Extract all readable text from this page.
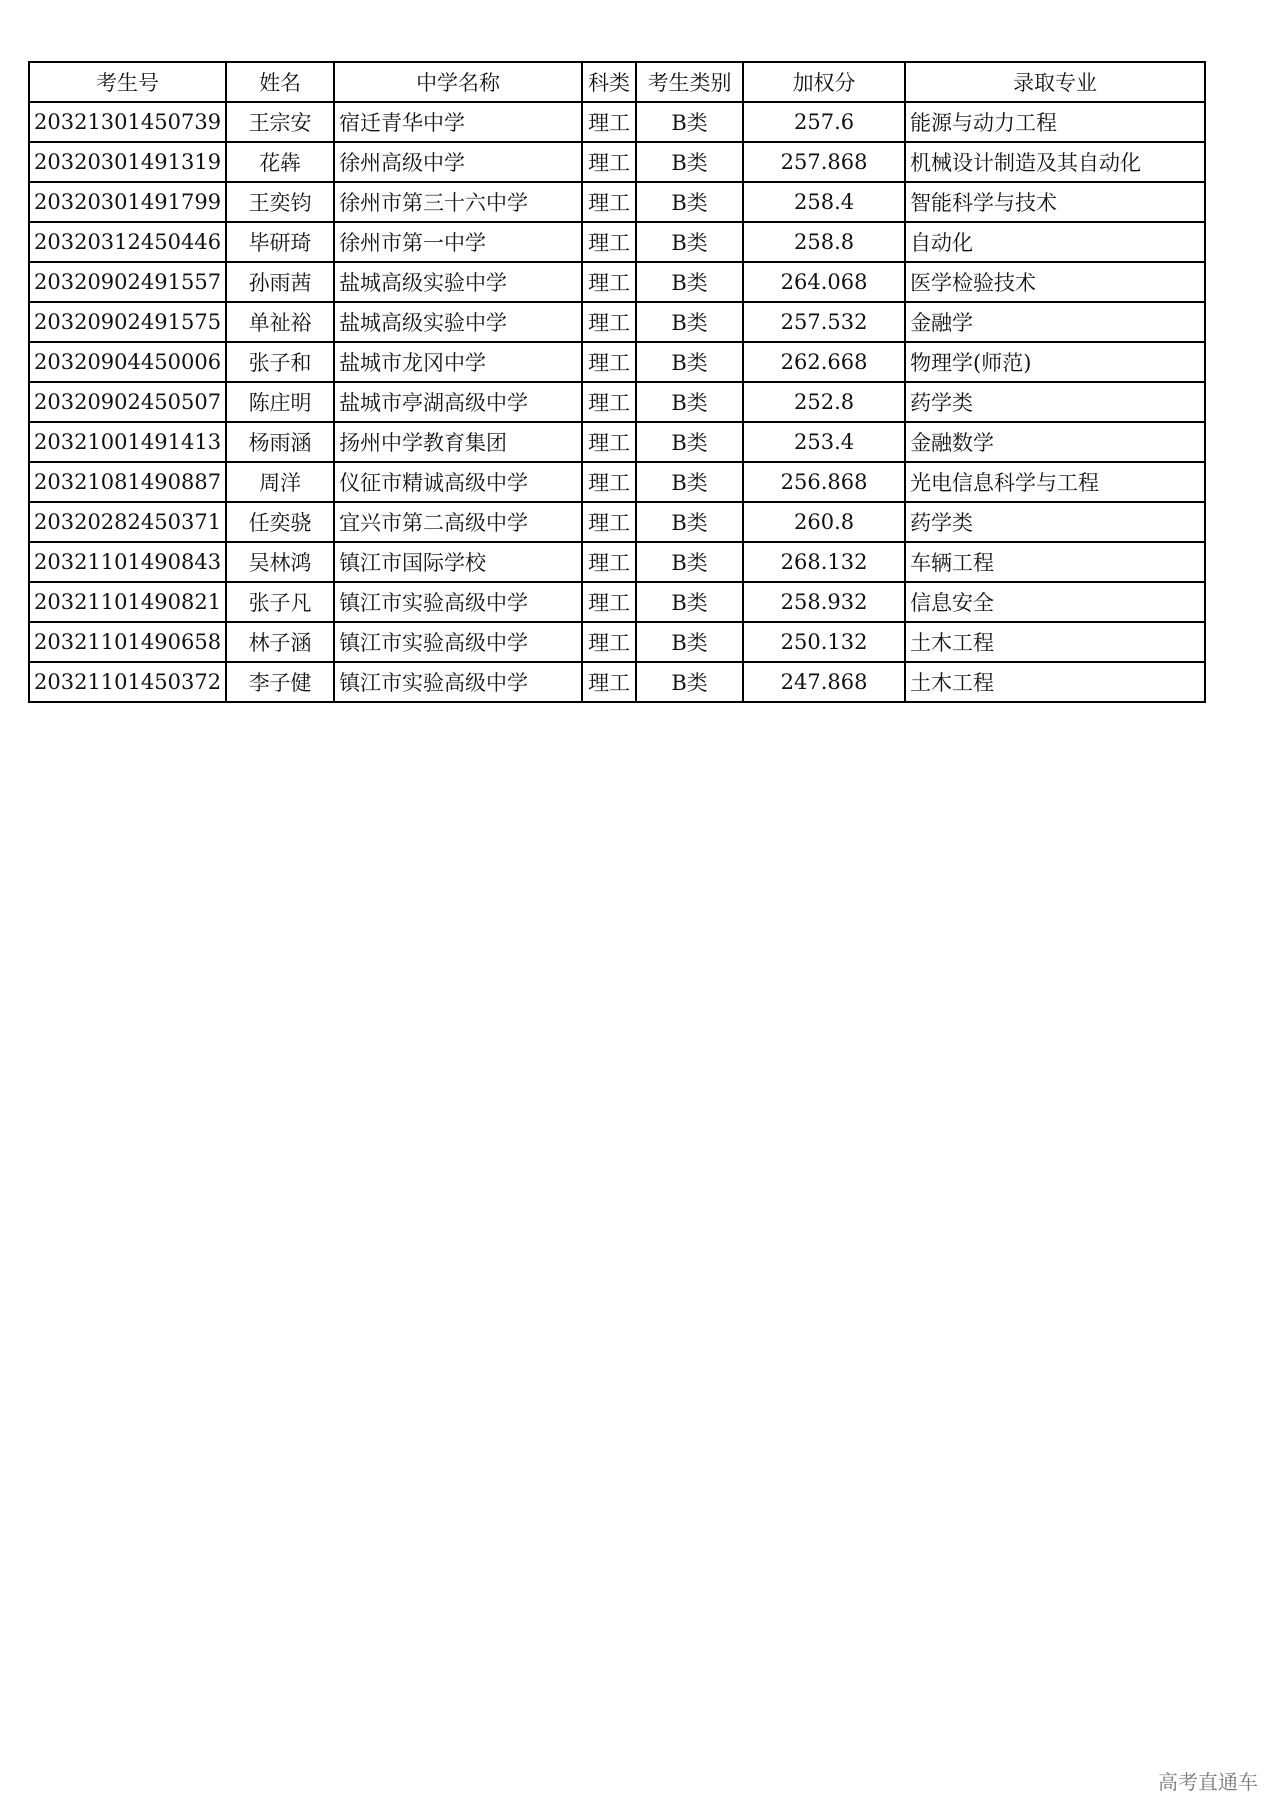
考生号	姓名	中学名称	科类	考生类别	加权分	录取专业
20321301450739	王宗安	宿迁青华中学	理工	B类	257.6	能源与动力工程
20320301491319	花犇	徐州高级中学	理工	B类	257.868	机械设计制造及其自动化
20320301491799	王奕钧	徐州市第三十六中学	理工	B类	258.4	智能科学与技术
20320312450446	毕研琦	徐州市第一中学	理工	B类	258.8	自动化
20320902491557	孙雨茜	盐城高级实验中学	理工	B类	264.068	医学检验技术
20320902491575	单祉裕	盐城高级实验中学	理工	B类	257.532	金融学
20320904450006	张子和	盐城市龙冈中学	理工	B类	262.668	物理学(师范)
20320902450507	陈庄明	盐城市亭湖高级中学	理工	B类	252.8	药学类
20321001491413	杨雨涵	扬州中学教育集团	理工	B类	253.4	金融数学
20321081490887	周洋	仪征市精诚高级中学	理工	B类	256.868	光电信息科学与工程
20320282450371	任奕骁	宜兴市第二高级中学	理工	B类	260.8	药学类
20321101490843	吴林鸿	镇江市国际学校	理工	B类	268.132	车辆工程
20321101490821	张子凡	镇江市实验高级中学	理工	B类	258.932	信息安全
20321101490658	林子涵	镇江市实验高级中学	理工	B类	250.132	土木工程
20321101450372	李子健	镇江市实验高级中学	理工	B类	247.868	土木工程
高考直通车
